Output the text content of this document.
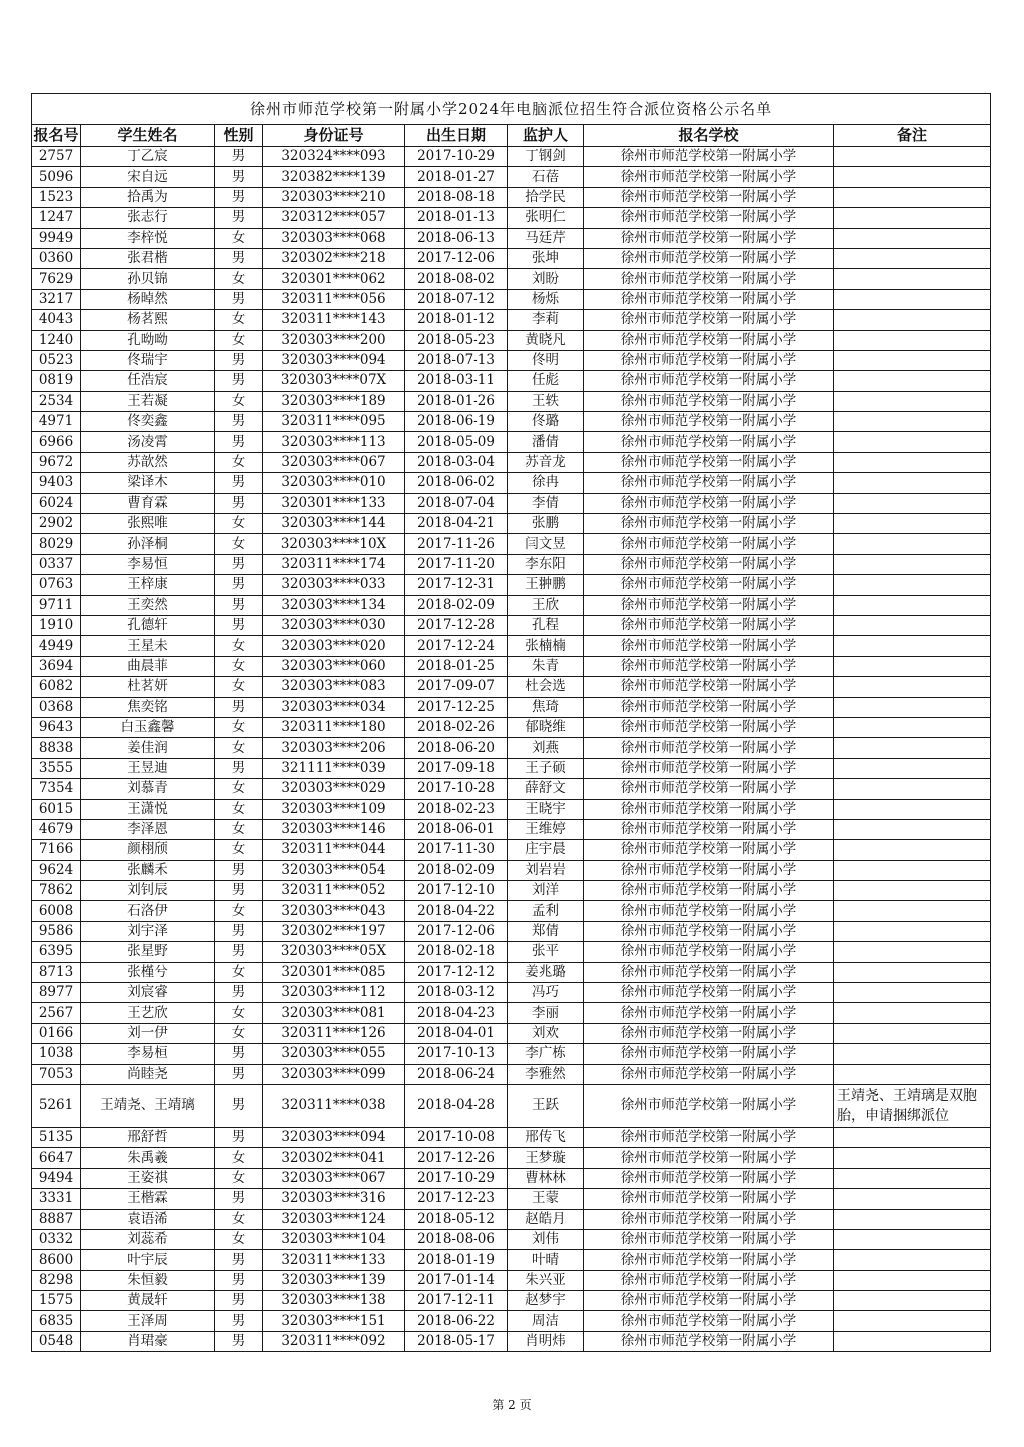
徐州市师范学校第一附属小学2024年电脑派位招生符合派位资格公示名单							
报名号	学生姓名	性别	身份证号	出生日期	监护人	报名学校	备注
2757	丁乙宸	男	320324****093	2017-10-29	丁钢剑	徐州市师范学校第一附属小学	
5096	宋自远	男	320382****139	2018-01-27	石蓓	徐州市师范学校第一附属小学	
1523	拾禹为	男	320303****210	2018-08-18	拾学民	徐州市师范学校第一附属小学	
1247	张志行	男	320312****057	2018-01-13	张明仁	徐州市师范学校第一附属小学	
9949	李梓悦	女	320303****068	2018-06-13	马廷芹	徐州市师范学校第一附属小学	
0360	张君楷	男	320302****218	2017-12-06	张坤	徐州市师范学校第一附属小学	
7629	孙贝锦	女	320301****062	2018-08-02	刘盼	徐州市师范学校第一附属小学	
3217	杨晫然	男	320311****056	2018-07-12	杨烁	徐州市师范学校第一附属小学	
4043	杨茗熙	女	320311****143	2018-01-12	李莉	徐州市师范学校第一附属小学	
1240	孔呦呦	女	320303****200	2018-05-23	黄晓凡	徐州市师范学校第一附属小学	
0523	佟瑞宇	男	320303****094	2018-07-13	佟明	徐州市师范学校第一附属小学	
0819	任浩宸	男	320303****07X	2018-03-11	任彪	徐州市师范学校第一附属小学	
2534	王若凝	女	320303****189	2018-01-26	王轶	徐州市师范学校第一附属小学	
4971	佟奕鑫	男	320311****095	2018-06-19	佟璐	徐州市师范学校第一附属小学	
6966	汤凌霄	男	320303****113	2018-05-09	潘倩	徐州市师范学校第一附属小学	
9672	苏歆然	女	320303****067	2018-03-04	苏音龙	徐州市师范学校第一附属小学	
9403	梁译木	男	320303****010	2018-06-02	徐冉	徐州市师范学校第一附属小学	
6024	曹育霖	男	320301****133	2018-07-04	李倩	徐州市师范学校第一附属小学	
2902	张熙唯	女	320303****144	2018-04-21	张鹏	徐州市师范学校第一附属小学	
8029	孙泽桐	女	320303****10X	2017-11-26	闫文昱	徐州市师范学校第一附属小学	
0337	李易恒	男	320311****174	2017-11-20	李东阳	徐州市师范学校第一附属小学	
0763	王梓康	男	320303****033	2017-12-31	王翀鹏	徐州市师范学校第一附属小学	
9711	王奕然	男	320303****134	2018-02-09	王欣	徐州市师范学校第一附属小学	
1910	孔德轩	男	320303****030	2017-12-28	孔程	徐州市师范学校第一附属小学	
4949	王星未	女	320303****020	2017-12-24	张楠楠	徐州市师范学校第一附属小学	
3694	曲晨菲	女	320303****060	2018-01-25	朱青	徐州市师范学校第一附属小学	
6082	杜茗妍	女	320303****083	2017-09-07	杜会选	徐州市师范学校第一附属小学	
0368	焦奕铭	男	320303****034	2017-12-25	焦琦	徐州市师范学校第一附属小学	
9643	白玉鑫馨	女	320311****180	2018-02-26	郁晓维	徐州市师范学校第一附属小学	
8838	姜佳润	女	320303****206	2018-06-20	刘燕	徐州市师范学校第一附属小学	
3555	王昱迪	男	321111****039	2017-09-18	王子硕	徐州市师范学校第一附属小学	
7354	刘慕青	女	320303****029	2017-10-28	薛舒文	徐州市师范学校第一附属小学	
6015	王潇悦	女	320303****109	2018-02-23	王晓宇	徐州市师范学校第一附属小学	
4679	李泽恩	女	320303****146	2018-06-01	王维婷	徐州市师范学校第一附属小学	
7166	颜栩颀	女	320311****044	2017-11-30	庄宇晨	徐州市师范学校第一附属小学	
9624	张麟禾	男	320303****054	2018-02-09	刘岩岩	徐州市师范学校第一附属小学	
7862	刘钊辰	男	320311****052	2017-12-10	刘洋	徐州市师范学校第一附属小学	
6008	石洛伊	女	320303****043	2018-04-22	孟利	徐州市师范学校第一附属小学	
9586	刘宇泽	男	320302****197	2017-12-06	郑倩	徐州市师范学校第一附属小学	
6395	张星野	男	320303****05X	2018-02-18	张平	徐州市师范学校第一附属小学	
8713	张槿兮	女	320301****085	2017-12-12	姜兆璐	徐州市师范学校第一附属小学	
8977	刘宸睿	男	320303****112	2018-03-12	冯巧	徐州市师范学校第一附属小学	
2567	王艺欣	女	320303****081	2018-04-23	李丽	徐州市师范学校第一附属小学	
0166	刘一伊	女	320311****126	2018-04-01	刘欢	徐州市师范学校第一附属小学	
1038	李易桓	男	320303****055	2017-10-13	李广栋	徐州市师范学校第一附属小学	
7053	尚睦尧	男	320303****099	2018-06-24	李雅然	徐州市师范学校第一附属小学	
5261	王靖尧、王靖璃	男	320311****038	2018-04-28	王跃	徐州市师范学校第一附属小学	王靖尧、王靖璃是双胞胎，申请捆绑派位
5135	邢舒哲	男	320303****094	2017-10-08	邢传飞	徐州市师范学校第一附属小学	
6647	朱禹羲	女	320302****041	2017-12-26	王梦璇	徐州市师范学校第一附属小学	
9494	王姿祺	女	320303****067	2017-10-29	曹林林	徐州市师范学校第一附属小学	
3331	王楷霖	男	320303****316	2017-12-23	王蒙	徐州市师范学校第一附属小学	
8887	袁语浠	女	320303****124	2018-05-12	赵皓月	徐州市师范学校第一附属小学	
0332	刘蕊希	女	320303****104	2018-08-06	刘伟	徐州市师范学校第一附属小学	
8600	叶宇辰	男	320311****133	2018-01-19	叶晴	徐州市师范学校第一附属小学	
8298	朱恒毅	男	320303****139	2017-01-14	朱兴亚	徐州市师范学校第一附属小学	
1575	黄晟轩	男	320303****138	2017-12-11	赵梦宇	徐州市师范学校第一附属小学	
6835	王泽周	男	320303****151	2018-06-22	周洁	徐州市师范学校第一附属小学	
0548	肖珺豪	男	320311****092	2018-05-17	肖明炜	徐州市师范学校第一附属小学	
第 2 页
